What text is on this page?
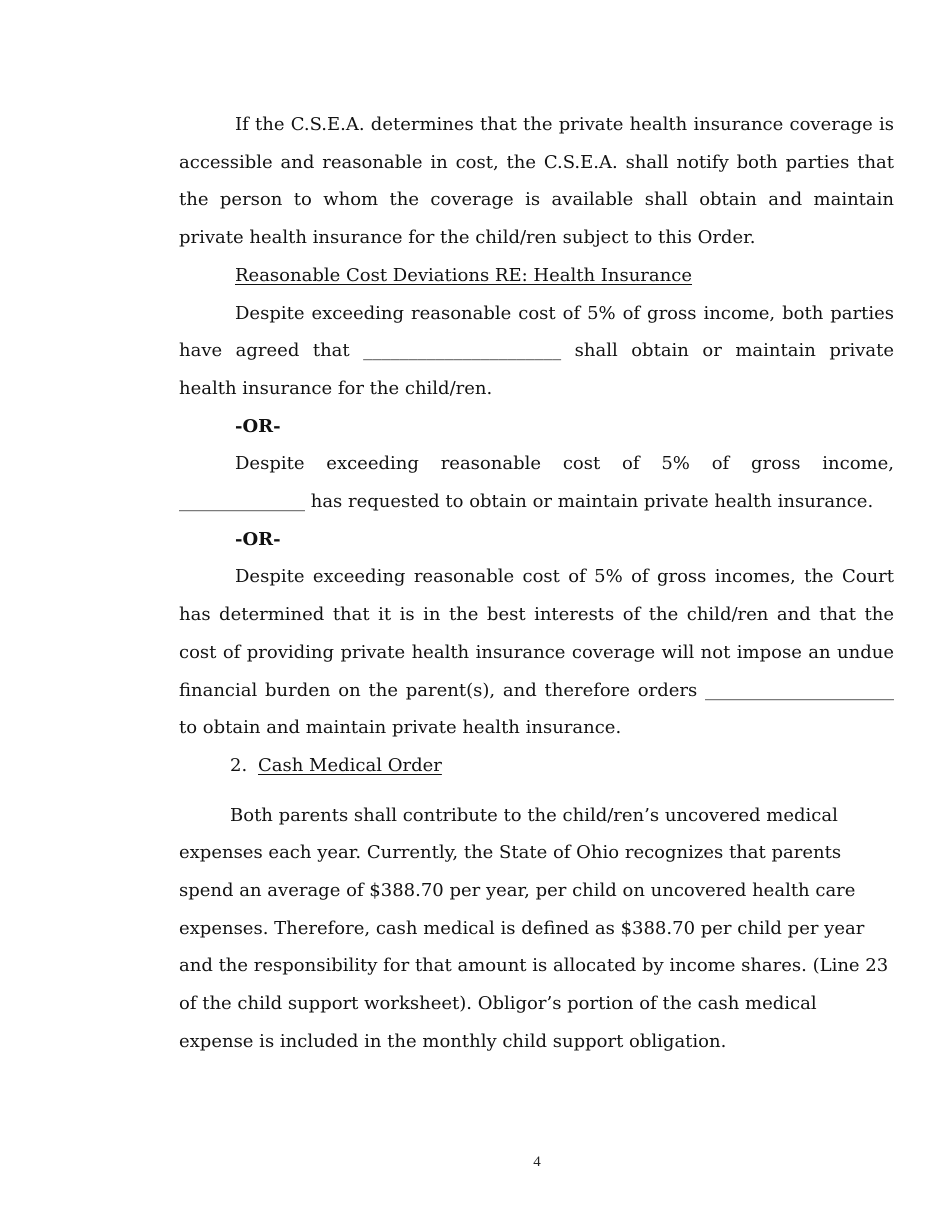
If the C.S.E.A. determines that the private health insurance coverage is accessible and reasonable in cost, the C.S.E.A. shall notify both parties that the person to whom the coverage is available shall obtain and maintain private health insurance for the child/ren subject to this Order.

Reasonable Cost Deviations RE: Health Insurance

Despite exceeding reasonable cost of 5% of gross income, both parties have agreed that ______________________ shall obtain or maintain private health insurance for the child/ren.

-OR-

Despite exceeding reasonable cost of 5% of gross income, ______________ has requested to obtain or maintain private health insurance.

-OR-

Despite exceeding reasonable cost of 5% of gross incomes, the Court has determined that it is in the best interests of the child/ren and that the cost of providing private health insurance coverage will not impose an undue financial burden on the parent(s), and therefore orders _____________________ to obtain and maintain private health insurance.

2. Cash Medical Order

Both parents shall contribute to the child/ren’s uncovered medical expenses each year. Currently, the State of Ohio recognizes that parents spend an average of $388.70 per year, per child on uncovered health care expenses. Therefore, cash medical is defined as $388.70 per child per year and the responsibility for that amount is allocated by income shares. (Line 23 of the child support worksheet). Obligor’s portion of the cash medical expense is included in the monthly child support obligation.

4
